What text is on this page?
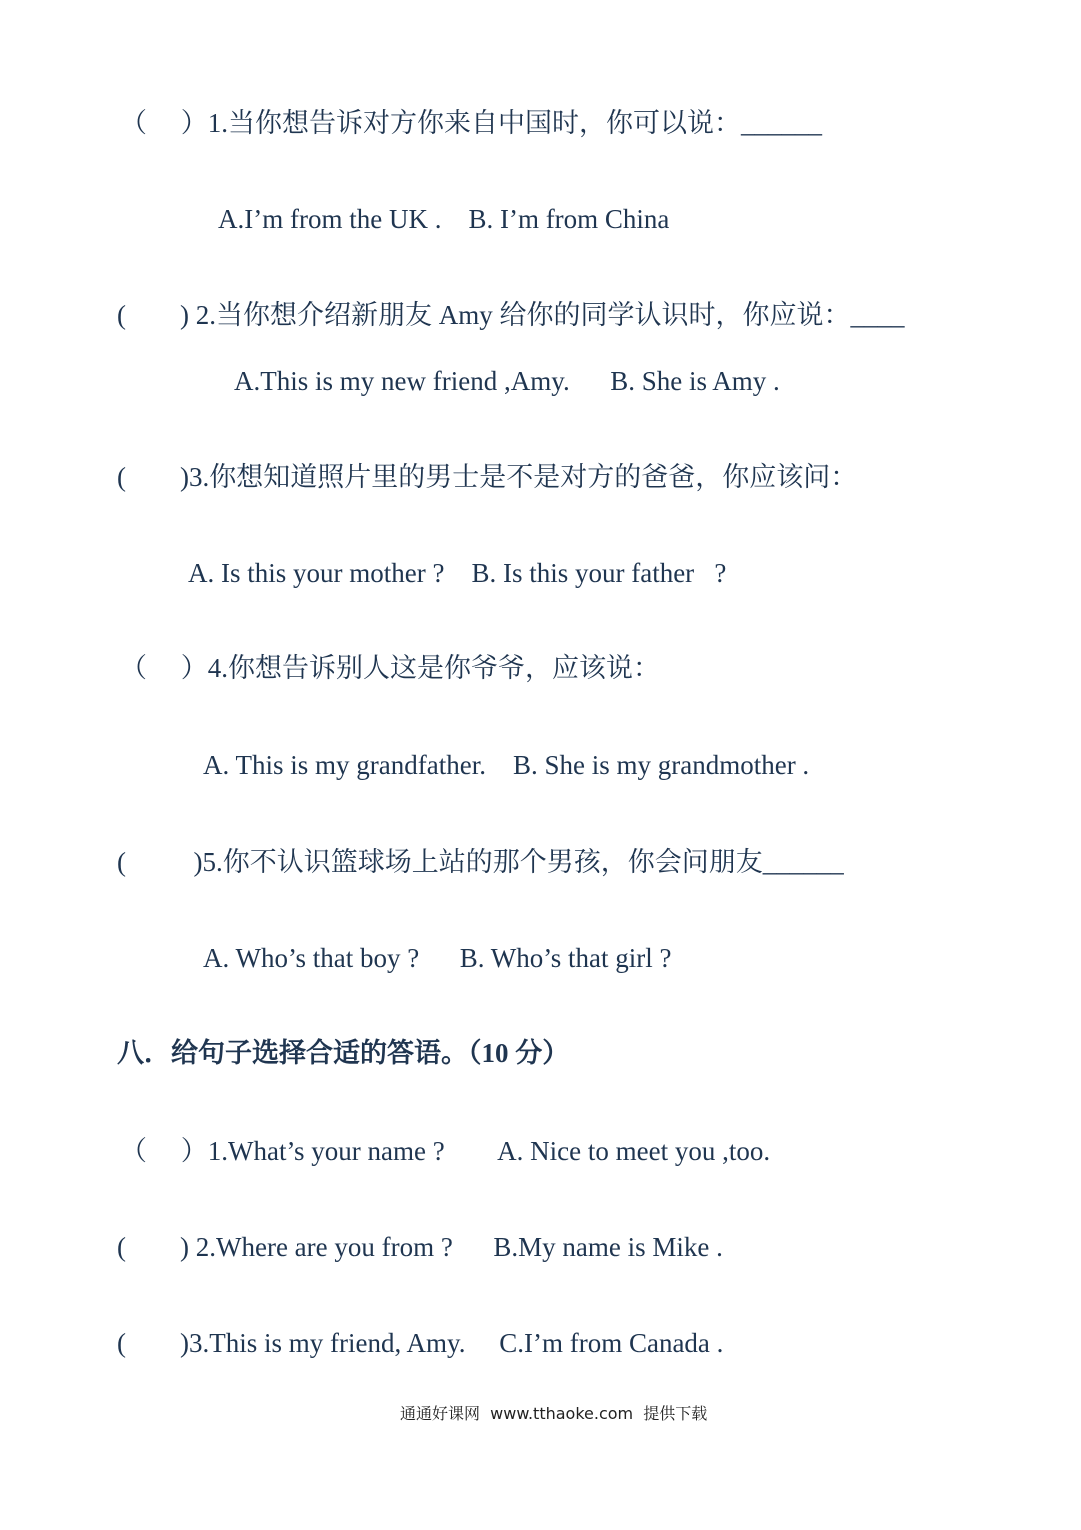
（     ）1.当你想告诉对方你来自中国时，你可以说：______
A.I’m from the UK .    B. I’m from China
(        ) 2.当你想介绍新朋友 Amy 给你的同学认识时，你应说：____
A.This is my new friend ,Amy.      B. She is Amy .
(        )3.你想知道照片里的男士是不是对方的爸爸，你应该问：
A. Is this your mother ?    B. Is this your father   ?
（     ）4.你想告诉别人这是你爷爷，应该说：
A. This is my grandfather.    B. She is my grandmother .
(          )5.你不认识篮球场上站的那个男孩，你会问朋友______
A. Who’s that boy ?      B. Who’s that girl ?
八．给句子选择合适的答语。（10 分）
（     ）1.What’s your name ?        A. Nice to meet you ,too.
(        ) 2.Where are you from ?      B.My name is Mike .
(        )3.This is my friend, Amy.     C.I’m from Canada .
通通好课网  www.tthaoke.com  提供下载
